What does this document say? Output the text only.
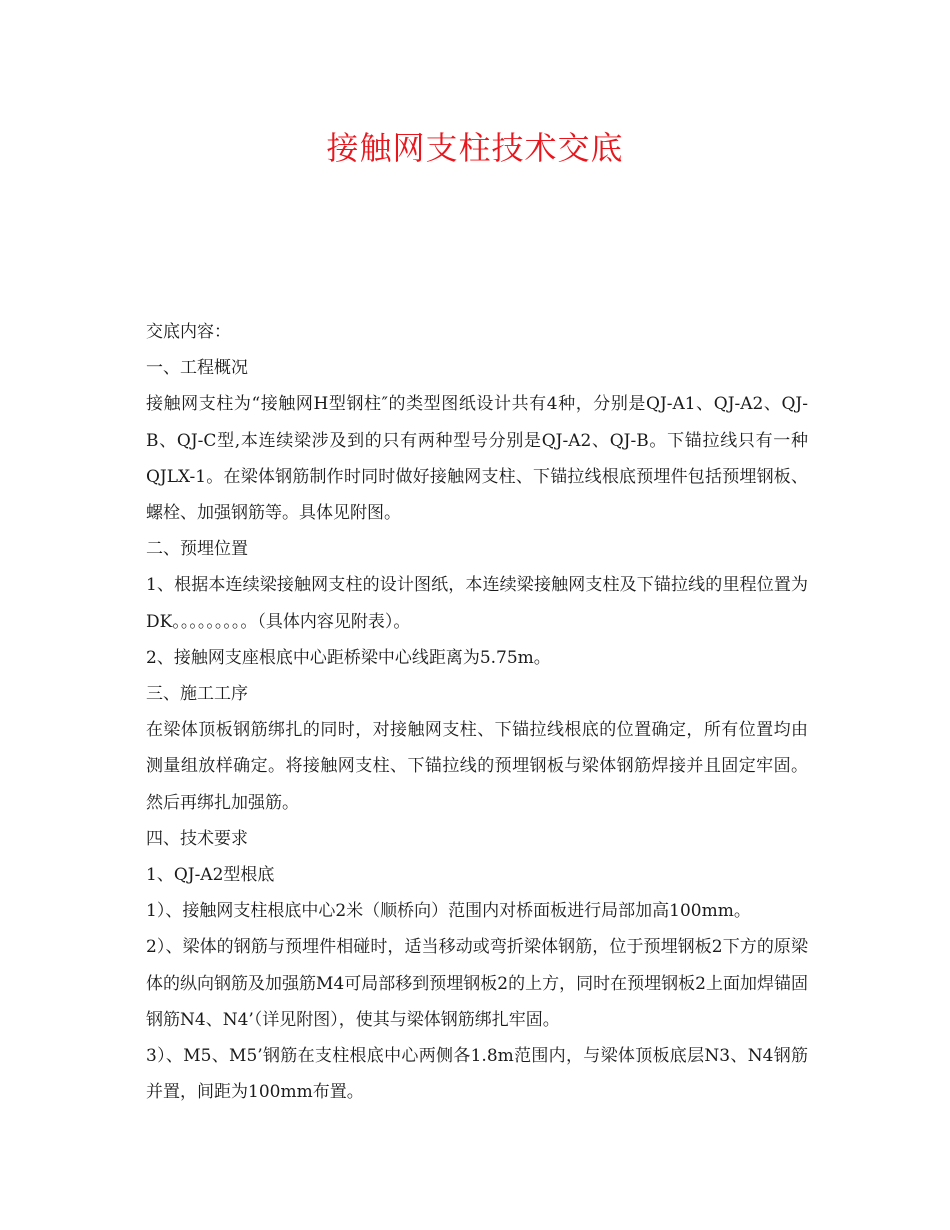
接触网支柱技术交底

交底内容：

一、工程概况

接触网支柱为“接触网H型钢柱″的类型图纸设计共有4种，分别是QJ-A1、QJ-A2、QJ-B、QJ-C型,本连续梁涉及到的只有两种型号分别是QJ-A2、QJ-B。下锚拉线只有一种QJLX-1。在梁体钢筋制作时同时做好接触网支柱、下锚拉线根底预埋件包括预埋钢板、螺栓、加强钢筋等。具体见附图。

二、预埋位置

1、根据本连续梁接触网支柱的设计图纸，本连续梁接触网支柱及下锚拉线的里程位置为DK。。。。。。。。。（具体内容见附表）。

2、接触网支座根底中心距桥梁中心线距离为5.75m。

三、施工工序

在梁体顶板钢筋绑扎的同时，对接触网支柱、下锚拉线根底的位置确定，所有位置均由测量组放样确定。将接触网支柱、下锚拉线的预埋钢板与梁体钢筋焊接并且固定牢固。然后再绑扎加强筋。

四、技术要求

1、QJ-A2型根底

1）、接触网支柱根底中心2米（顺桥向）范围内对桥面板进行局部加高100mm。

2）、梁体的钢筋与预埋件相碰时，适当移动或弯折梁体钢筋，位于预埋钢板2下方的原梁体的纵向钢筋及加强筋M4可局部移到预埋钢板2的上方，同时在预埋钢板2上面加焊锚固钢筋N4、N4’（详见附图），使其与梁体钢筋绑扎牢固。

3）、M5、M5’钢筋在支柱根底中心两侧各1.8m范围内，与梁体顶板底层N3、N4钢筋并置，间距为100mm布置。
